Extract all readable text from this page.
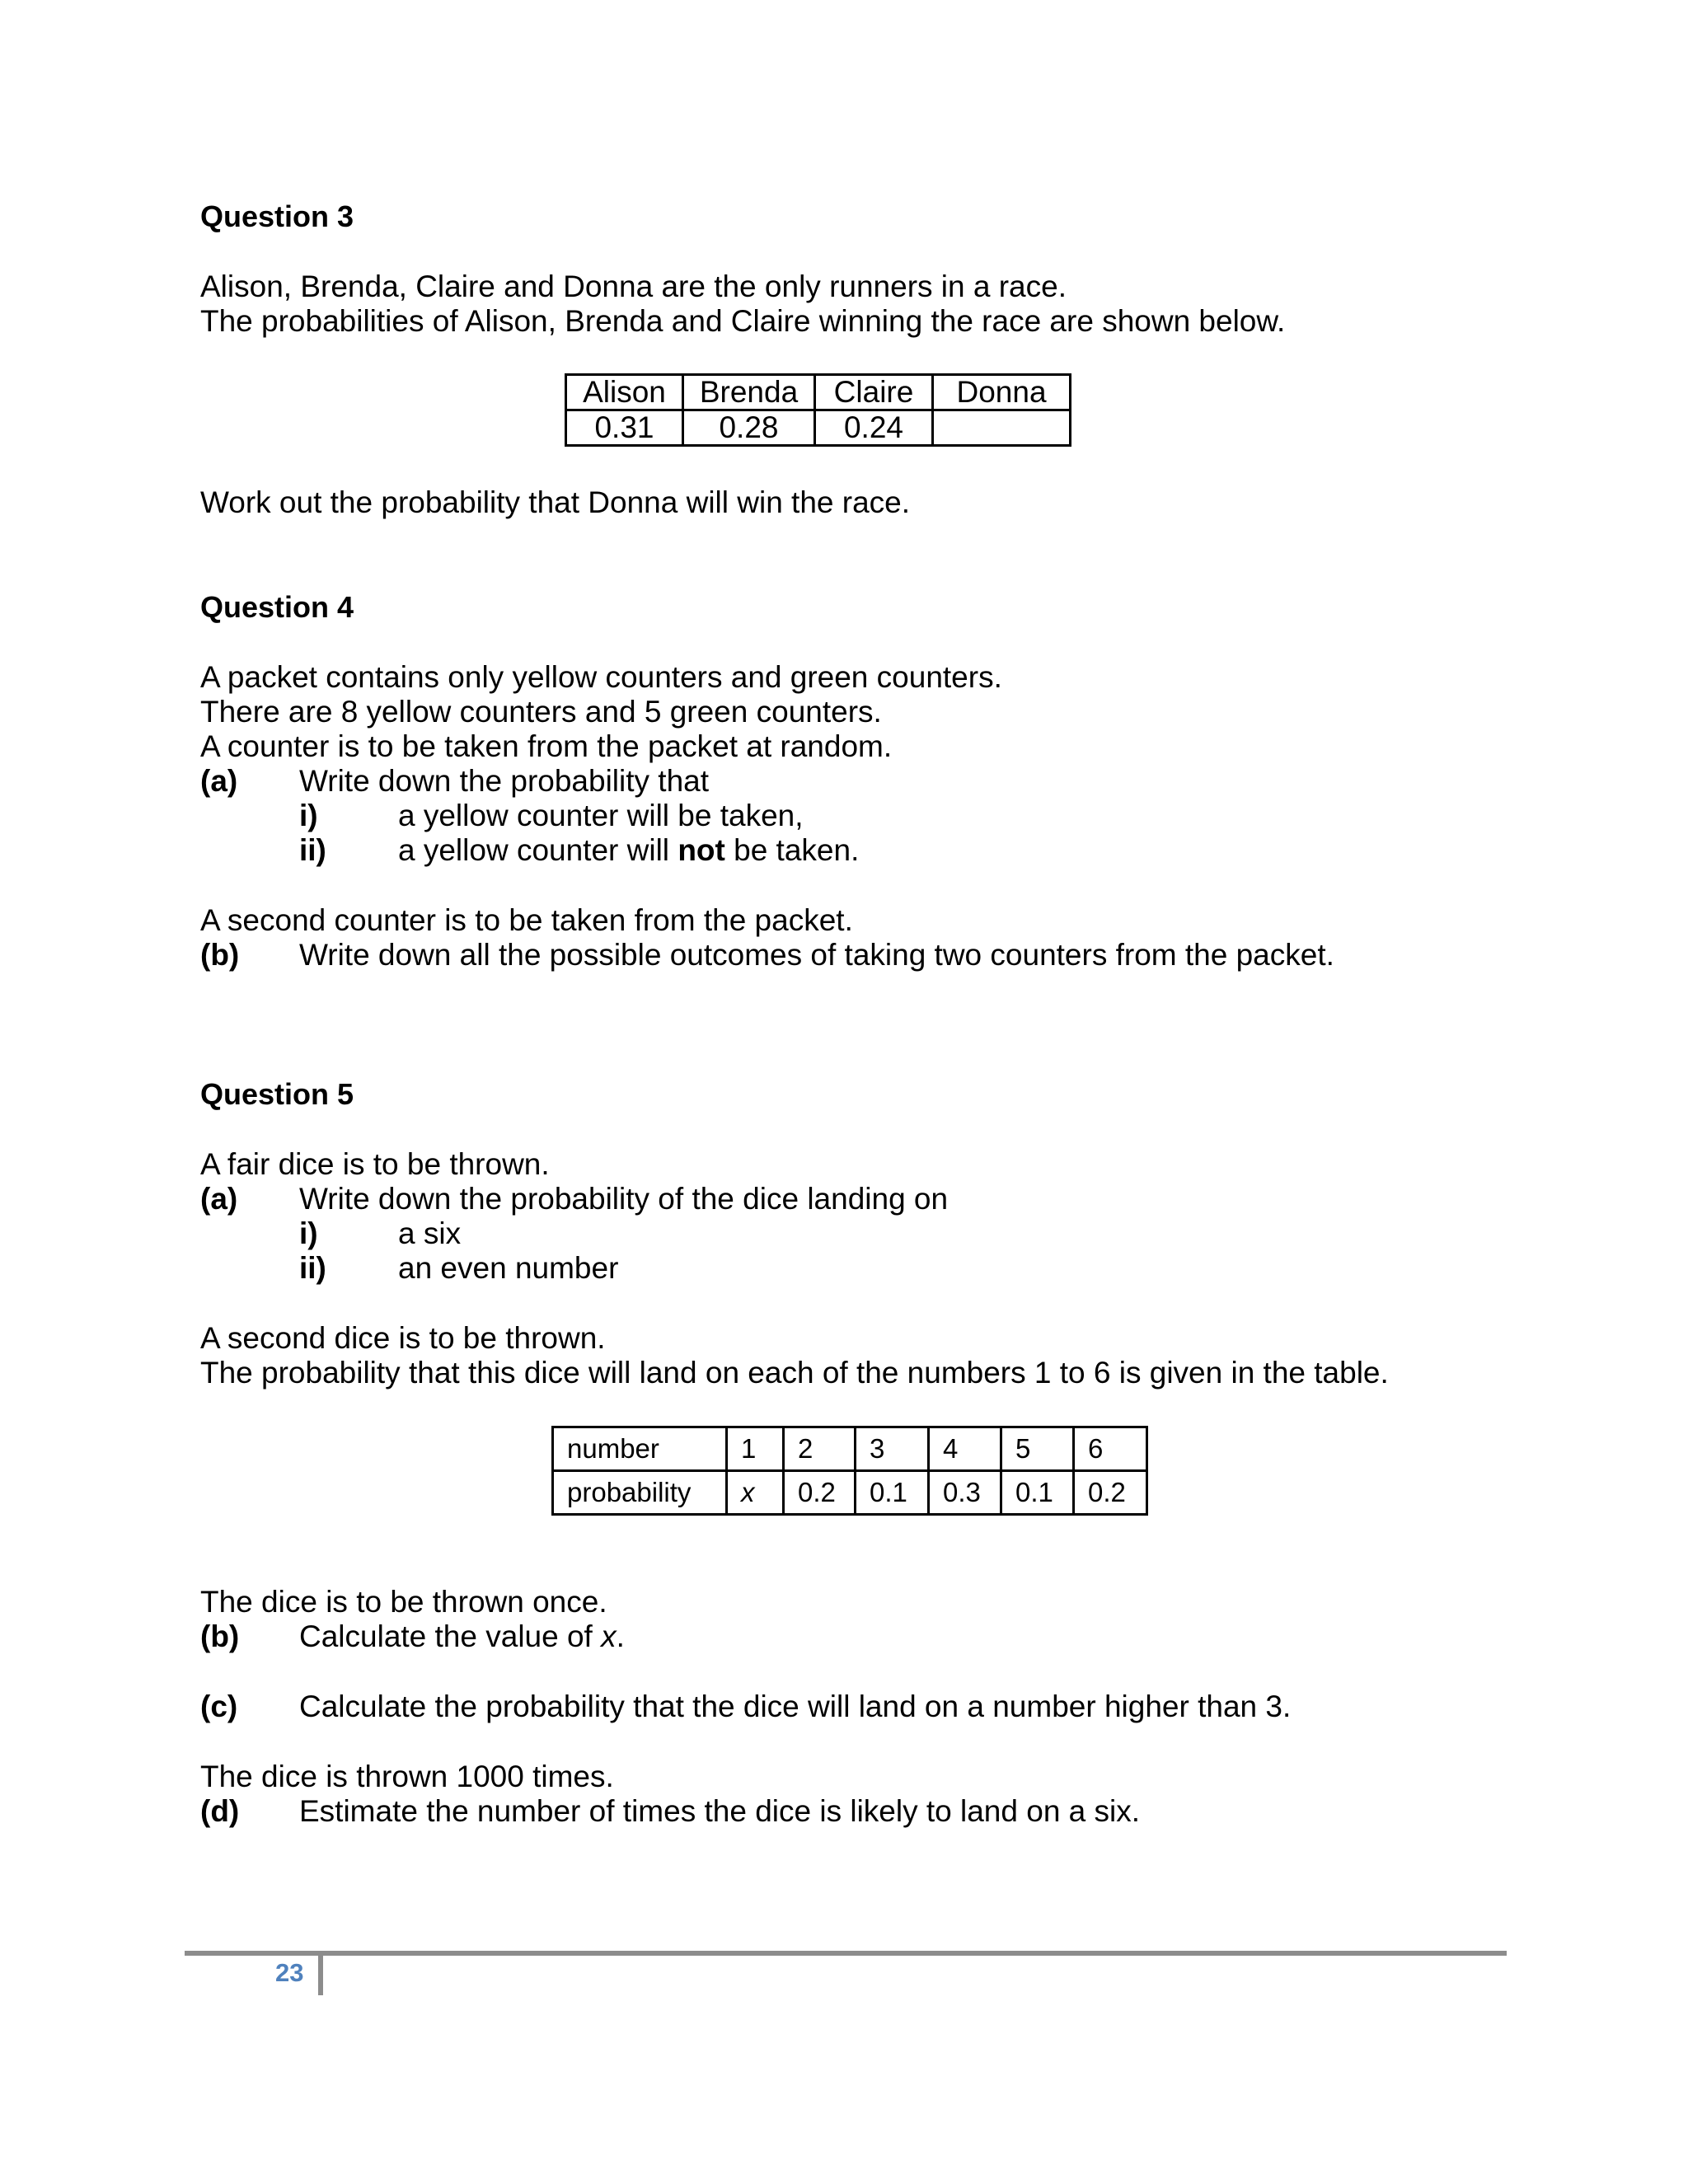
Question 3
Alison, Brenda, Claire and Donna are the only runners in a race.
The probabilities of Alison, Brenda and Claire winning the race are shown below.
Alison	Brenda	Claire	Donna
0.31	0.28	0.24	
Work out the probability that Donna will win the race.
Question 4
A packet contains only yellow counters and green counters.
There are 8 yellow counters and 5 green counters.
A counter is to be taken from the packet at random.
(a) Write down the probability that
i)	a yellow counter will be taken,
ii) a yellow counter will not be taken.
A second counter is to be taken from the packet.
(b) Write down all the possible outcomes of taking two counters from the packet.
Question 5
A fair dice is to be thrown.
(a) Write down the probability of the dice landing on
i)	a six
ii) an even number
A second dice is to be thrown.
The probability that this dice will land on each of the numbers 1 to 6 is given in the table.
number	1	2	3	4	5	6
probability	x	0.2	0.1	0.3	0.1	0.2
The dice is to be thrown once.
(b) Calculate the value of x.
(c) Calculate the probability that the dice will land on a number higher than 3.
The dice is thrown 1000 times.
(d) Estimate the number of times the dice is likely to land on a six.
23
